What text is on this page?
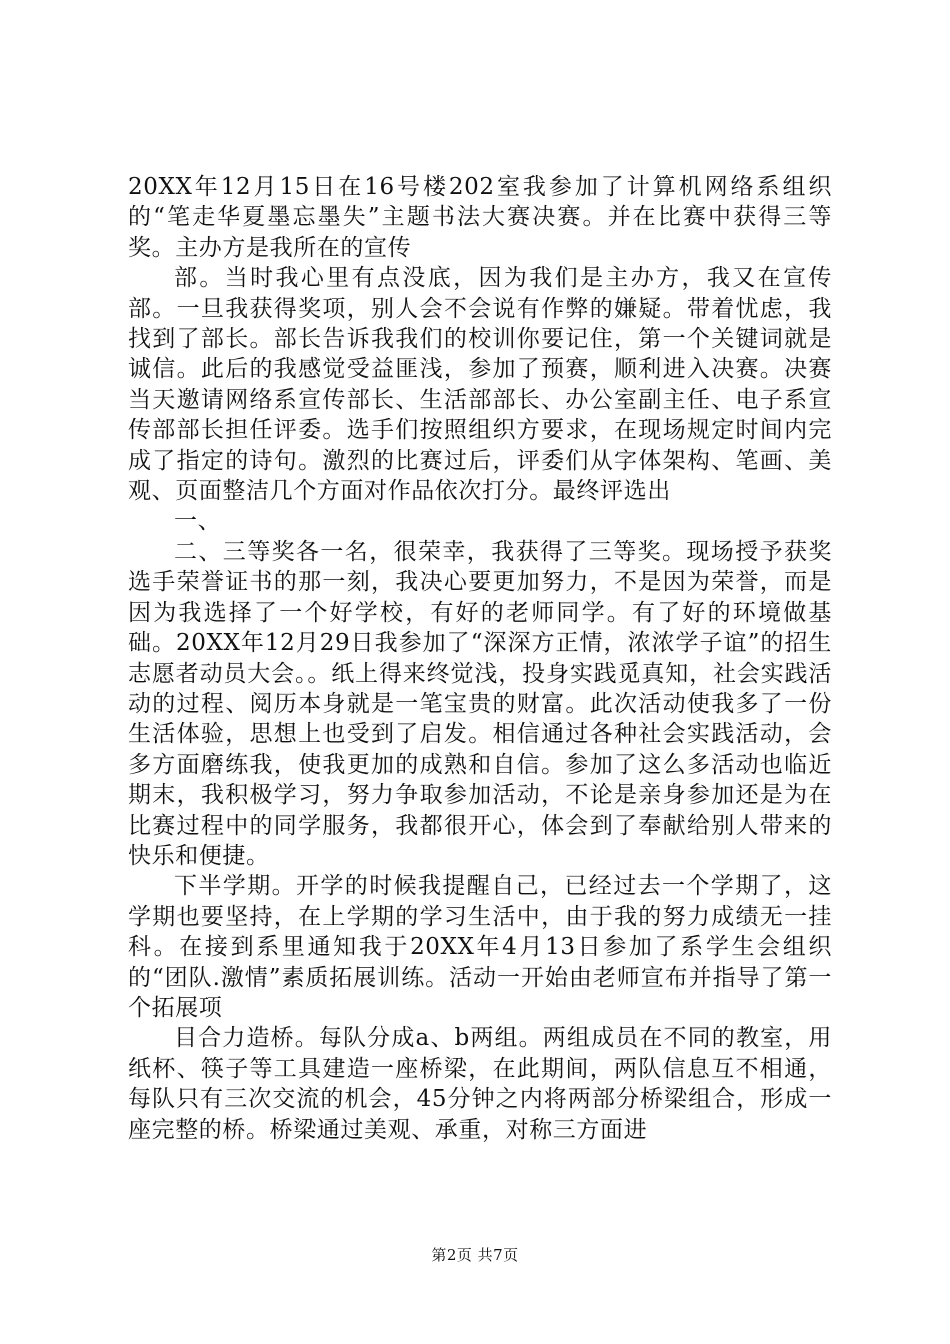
20XX年12月15日在16号楼202室我参加了计算机网络系组织的“笔走华夏墨忘墨失”主题书法大赛决赛。并在比赛中获得三等奖。主办方是我所在的宣传

部。当时我心里有点没底，因为我们是主办方，我又在宣传部。一旦我获得奖项，别人会不会说有作弊的嫌疑。带着忧虑，我找到了部长。部长告诉我我们的校训你要记住，第一个关键词就是诚信。此后的我感觉受益匪浅，参加了预赛，顺利进入决赛。决赛当天邀请网络系宣传部长、生活部部长、办公室副主任、电子系宣传部部长担任评委。选手们按照组织方要求，在现场规定时间内完成了指定的诗句。激烈的比赛过后，评委们从字体架构、笔画、美观、页面整洁几个方面对作品依次打分。最终评选出

一、

二、三等奖各一名，很荣幸，我获得了三等奖。现场授予获奖选手荣誉证书的那一刻，我决心要更加努力，不是因为荣誉，而是因为我选择了一个好学校，有好的老师同学。有了好的环境做基础。20XX年12月29日我参加了“深深方正情，浓浓学子谊”的招生志愿者动员大会。。纸上得来终觉浅，投身实践觅真知，社会实践活动的过程、阅历本身就是一笔宝贵的财富。此次活动使我多了一份生活体验，思想上也受到了启发。相信通过各种社会实践活动，会多方面磨练我，使我更加的成熟和自信。参加了这么多活动也临近期末，我积极学习，努力争取参加活动，不论是亲身参加还是为在比赛过程中的同学服务，我都很开心，体会到了奉献给别人带来的快乐和便捷。

下半学期。开学的时候我提醒自己，已经过去一个学期了，这学期也要坚持，在上学期的学习生活中，由于我的努力成绩无一挂科。在接到系里通知我于20XX年4月13日参加了系学生会组织的“团队.激情”素质拓展训练。活动一开始由老师宣布并指导了第一个拓展项

目合力造桥。每队分成a、b两组。两组成员在不同的教室，用纸杯、筷子等工具建造一座桥梁，在此期间，两队信息互不相通，每队只有三次交流的机会，45分钟之内将两部分桥梁组合，形成一座完整的桥。桥梁通过美观、承重，对称三方面进

第2页 共7页
